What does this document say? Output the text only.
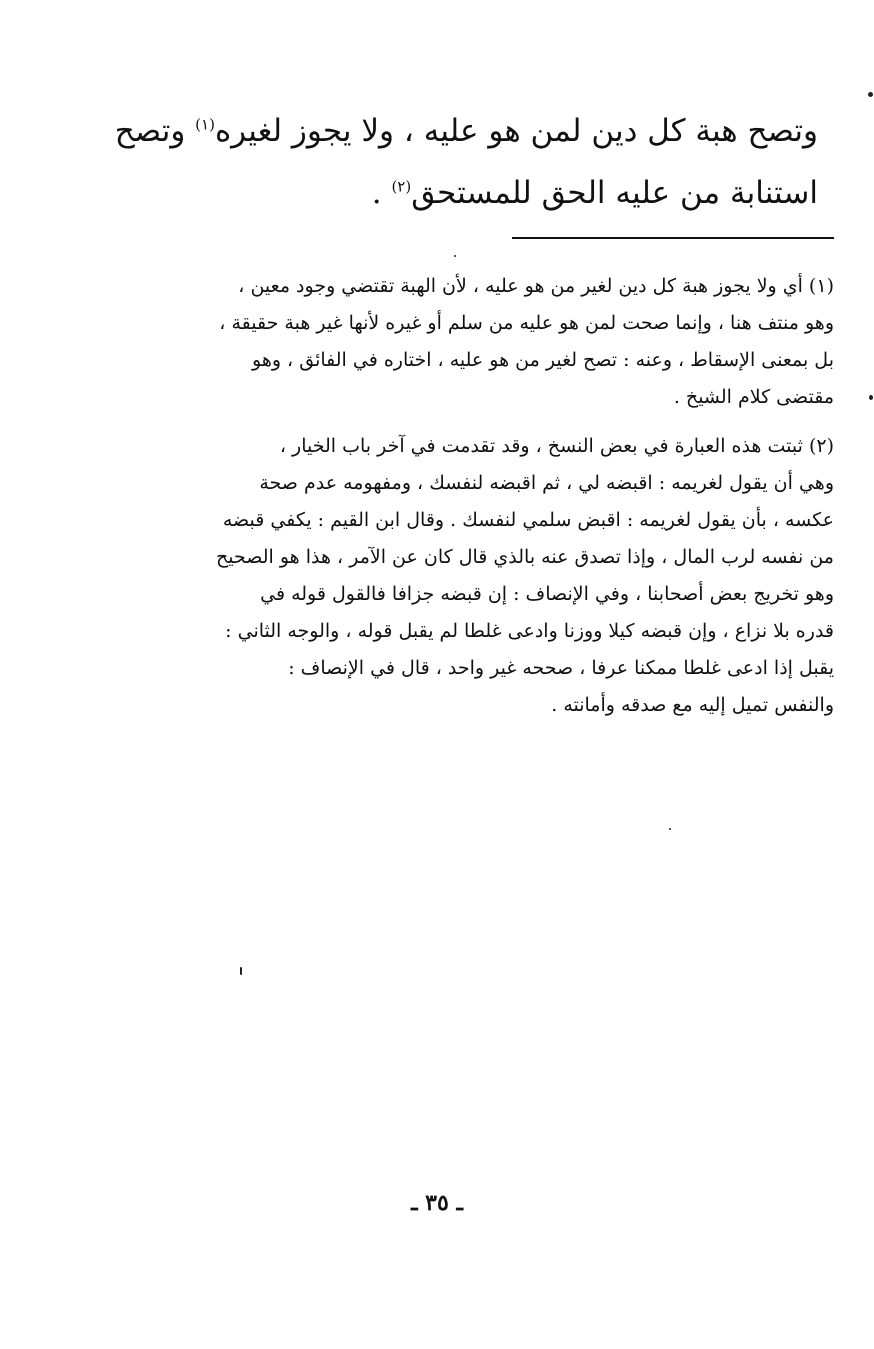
وتصح هبة كل دين لمن هو عليه ، ولا يجوز لغيره$^{(١)}$ وتصح
استنابة من عليه الحق للمستحق$^{(٢)}$ .

(١) أي ولا يجوز هبة كل دين لغير من هو عليه ، لأن الهبة تقتضي وجود معين ،
وهو منتف هنا ، وإنما صحت لمن هو عليه من سلم أو غيره لأنها غير هبة حقيقة ،
بل بمعنى الإسقاط ، وعنه : تصح لغير من هو عليه ، اختاره في الفائق ، وهو
مقتضى كلام الشيخ .

(٢) ثبتت هذه العبارة في بعض النسخ ، وقد تقدمت في آخر باب الخيار ،
وهي أن يقول لغريمه : اقبضه لي ، ثم اقبضه لنفسك ، ومفهومه عدم صحة
عكسه ، بأن يقول لغريمه : اقبض سلمي لنفسك . وقال ابن القيم : يكفي قبضه
من نفسه لرب المال ، وإذا تصدق عنه بالذي قال كان عن الآمر ، هذا هو الصحيح
وهو تخريج بعض أصحابنا ، وفي الإنصاف : إن قبضه جزافا فالقول قوله في
قدره بلا نزاع ، وإن قبضه كيلا ووزنا وادعى غلطا لم يقبل قوله ، والوجه الثاني :
يقبل إذا ادعى غلطا ممكنا عرفا ، صححه غير واحد ، قال في الإنصاف :
والنفس تميل إليه مع صدقه وأمانته .

ـ ٣٥ ـ
